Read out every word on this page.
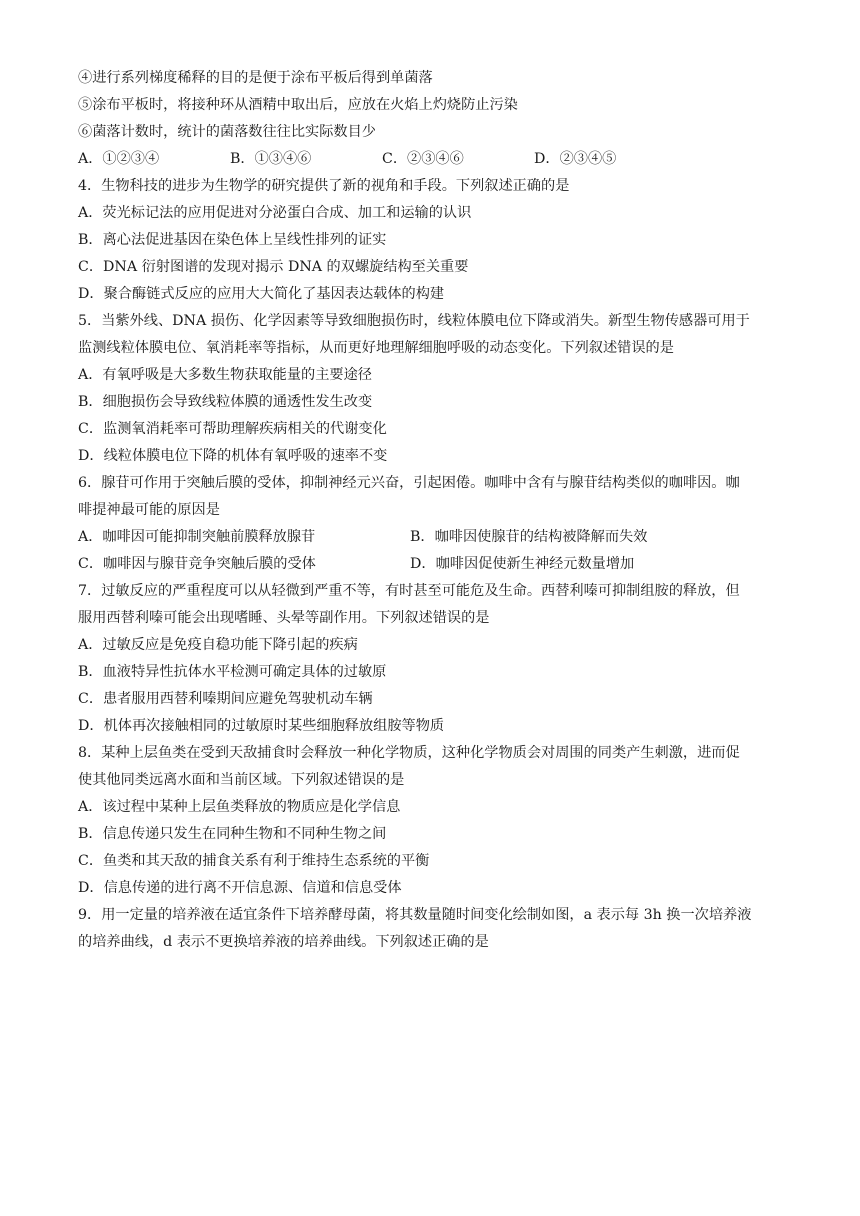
④进行系列梯度稀释的目的是便于涂布平板后得到单菌落
⑤涂布平板时，将接种环从酒精中取出后，应放在火焰上灼烧防止污染
⑥菌落计数时，统计的菌落数往往比实际数目少
A．①②③④	B．①③④⑥	C．②③④⑥	D．②③④⑤
4．生物科技的进步为生物学的研究提供了新的视角和手段。下列叙述正确的是
A．荧光标记法的应用促进对分泌蛋白合成、加工和运输的认识
B．离心法促进基因在染色体上呈线性排列的证实
C．DNA 衍射图谱的发现对揭示 DNA 的双螺旋结构至关重要
D．聚合酶链式反应的应用大大简化了基因表达载体的构建
5．当紫外线、DNA 损伤、化学因素等导致细胞损伤时，线粒体膜电位下降或消失。新型生物传感器可用于
监测线粒体膜电位、氧消耗率等指标，从而更好地理解细胞呼吸的动态变化。下列叙述错误的是
A．有氧呼吸是大多数生物获取能量的主要途径
B．细胞损伤会导致线粒体膜的通透性发生改变
C．监测氧消耗率可帮助理解疾病相关的代谢变化
D．线粒体膜电位下降的机体有氧呼吸的速率不变
6．腺苷可作用于突触后膜的受体，抑制神经元兴奋，引起困倦。咖啡中含有与腺苷结构类似的咖啡因。咖
啡提神最可能的原因是
A．咖啡因可能抑制突触前膜释放腺苷	B．咖啡因使腺苷的结构被降解而失效
C．咖啡因与腺苷竞争突触后膜的受体	D．咖啡因促使新生神经元数量增加
7．过敏反应的严重程度可以从轻微到严重不等，有时甚至可能危及生命。西替利嗪可抑制组胺的释放，但
服用西替利嗪可能会出现嗜睡、头晕等副作用。下列叙述错误的是
A．过敏反应是免疫自稳功能下降引起的疾病
B．血液特异性抗体水平检测可确定具体的过敏原
C．患者服用西替利嗪期间应避免驾驶机动车辆
D．机体再次接触相同的过敏原时某些细胞释放组胺等物质
8．某种上层鱼类在受到天敌捕食时会释放一种化学物质，这种化学物质会对周围的同类产生刺激，进而促
使其他同类远离水面和当前区域。下列叙述错误的是
A．该过程中某种上层鱼类释放的物质应是化学信息
B．信息传递只发生在同种生物和不同种生物之间
C．鱼类和其天敌的捕食关系有利于维持生态系统的平衡
D．信息传递的进行离不开信息源、信道和信息受体
9．用一定量的培养液在适宜条件下培养酵母菌，将其数量随时间变化绘制如图，a 表示每 3h 换一次培养液
的培养曲线，d 表示不更换培养液的培养曲线。下列叙述正确的是
